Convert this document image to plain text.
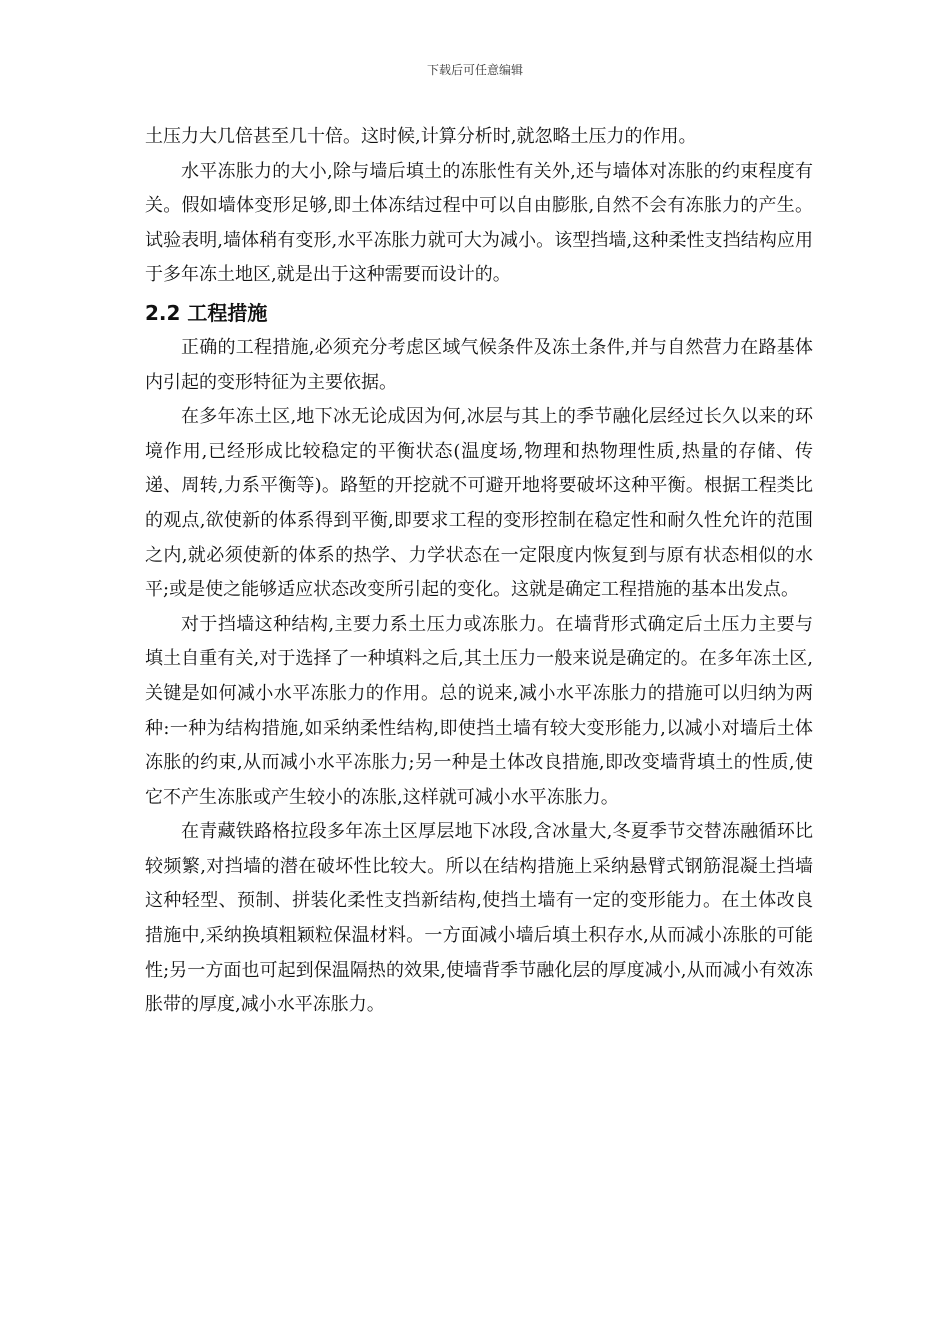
下载后可任意编辑

土压力大几倍甚至几十倍。这时候,计算分析时,就忽略土压力的作用。

水平冻胀力的大小,除与墙后填土的冻胀性有关外,还与墙体对冻胀的约束程度有关。假如墙体变形足够,即土体冻结过程中可以自由膨胀,自然不会有冻胀力的产生。试验表明,墙体稍有变形,水平冻胀力就可大为减小。该型挡墙,这种柔性支挡结构应用于多年冻土地区,就是出于这种需要而设计的。

2.2 工程措施

正确的工程措施,必须充分考虑区域气候条件及冻土条件,并与自然营力在路基体内引起的变形特征为主要依据。

在多年冻土区,地下冰无论成因为何,冰层与其上的季节融化层经过长久以来的环境作用,已经形成比较稳定的平衡状态(温度场,物理和热物理性质,热量的存储、传递、周转,力系平衡等)。路堑的开挖就不可避开地将要破坏这种平衡。根据工程类比的观点,欲使新的体系得到平衡,即要求工程的变形控制在稳定性和耐久性允许的范围之内,就必须使新的体系的热学、力学状态在一定限度内恢复到与原有状态相似的水平;或是使之能够适应状态改变所引起的变化。这就是确定工程措施的基本出发点。

对于挡墙这种结构,主要力系土压力或冻胀力。在墙背形式确定后土压力主要与填土自重有关,对于选择了一种填料之后,其土压力一般来说是确定的。在多年冻土区,关键是如何减小水平冻胀力的作用。总的说来,减小水平冻胀力的措施可以归纳为两种:一种为结构措施,如采纳柔性结构,即使挡土墙有较大变形能力,以减小对墙后土体冻胀的约束,从而减小水平冻胀力;另一种是土体改良措施,即改变墙背填土的性质,使它不产生冻胀或产生较小的冻胀,这样就可减小水平冻胀力。

在青藏铁路格拉段多年冻土区厚层地下冰段,含冰量大,冬夏季节交替冻融循环比较频繁,对挡墙的潜在破坏性比较大。所以在结构措施上采纳悬臂式钢筋混凝土挡墙这种轻型、预制、拼装化柔性支挡新结构,使挡土墙有一定的变形能力。在土体改良措施中,采纳换填粗颖粒保温材料。一方面减小墙后填土积存水,从而减小冻胀的可能性;另一方面也可起到保温隔热的效果,使墙背季节融化层的厚度减小,从而减小有效冻胀带的厚度,减小水平冻胀力。
